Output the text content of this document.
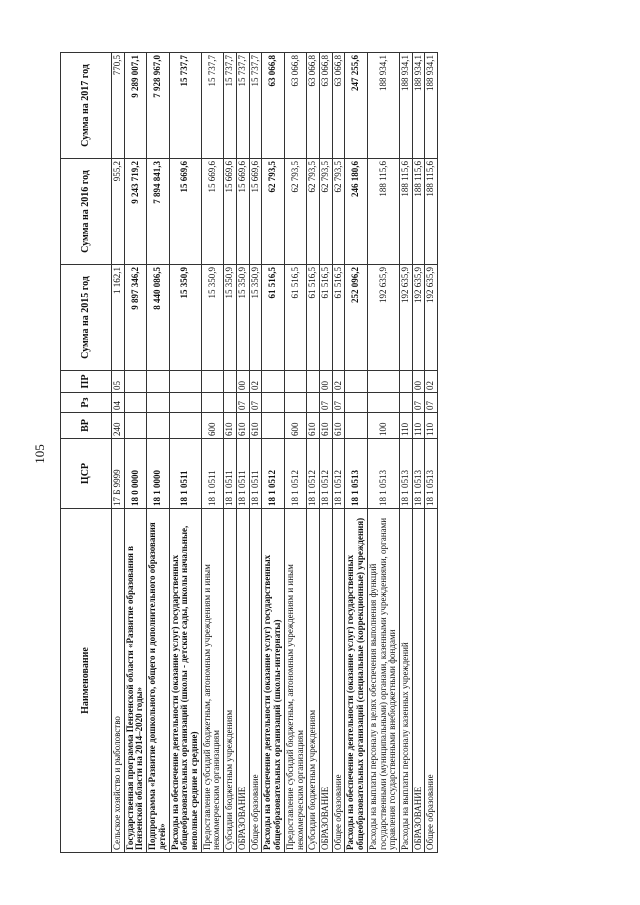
105
Наименование	ЦСР	ВР	Рз	ПР	Сумма на 2015 год	Сумма на 2016 год	Сумма на 2017 год
Сельское хозяйство и рыболовство	17 Б 9999	240	04	05	1 162,1	955,2	770,5
Государственная программа Пензенской области «Развитие образования в Пензенской области на 2014–2020 годы»	18 0 0000				9 897 346,2	9 243 719,2	9 289 007,1
Подпрограмма «Развитие дошкольного, общего и дополнительного образования детей»	18 1 0000				8 440 086,5	7 894 841,3	7 928 967,0
Расходы на обеспечение деятельности (оказание услуг) государственных общеобразовательных организаций (школы - детские сады, школы начальные, неполные средние и средние)	18 1 0511				15 350,9	15 669,6	15 737,7
Предоставление субсидий бюджетным, автономным учреждениям и иным некоммерческим организациям	18 1 0511	600			15 350,9	15 669,6	15 737,7
Субсидии бюджетным учреждениям	18 1 0511	610			15 350,9	15 669,6	15 737,7
ОБРАЗОВАНИЕ	18 1 0511	610	07	00	15 350,9	15 669,6	15 737,7
Общее образование	18 1 0511	610	07	02	15 350,9	15 669,6	15 737,7
Расходы на обеспечение деятельности (оказание услуг) государственных общеобразовательных организаций (школы-интернаты)	18 1 0512				61 516,5	62 793,5	63 066,8
Предоставление субсидий бюджетным, автономным учреждениям и иным некоммерческим организациям	18 1 0512	600			61 516,5	62 793,5	63 066,8
Субсидии бюджетным учреждениям	18 1 0512	610			61 516,5	62 793,5	63 066,8
ОБРАЗОВАНИЕ	18 1 0512	610	07	00	61 516,5	62 793,5	63 066,8
Общее образование	18 1 0512	610	07	02	61 516,5	62 793,5	63 066,8
Расходы на обеспечение деятельности (оказание услуг) государственных общеобразовательных организаций (специальные (коррекционные) учреждения)	18 1 0513				252 096,2	246 180,6	247 255,6
Расходы на выплаты персоналу в целях обеспечения выполнения функций государственными (муниципальными) органами, казенными учреждениями, органами управления государственными внебюджетными фондами	18 1 0513	100			192 635,9	188 115,6	188 934,1
Расходы на выплаты персоналу казенных учреждений	18 1 0513	110			192 635,9	188 115,6	188 934,1
ОБРАЗОВАНИЕ	18 1 0513	110	07	00	192 635,9	188 115,6	188 934,1
Общее образование	18 1 0513	110	07	02	192 635,9	188 115,6	188 934,1
